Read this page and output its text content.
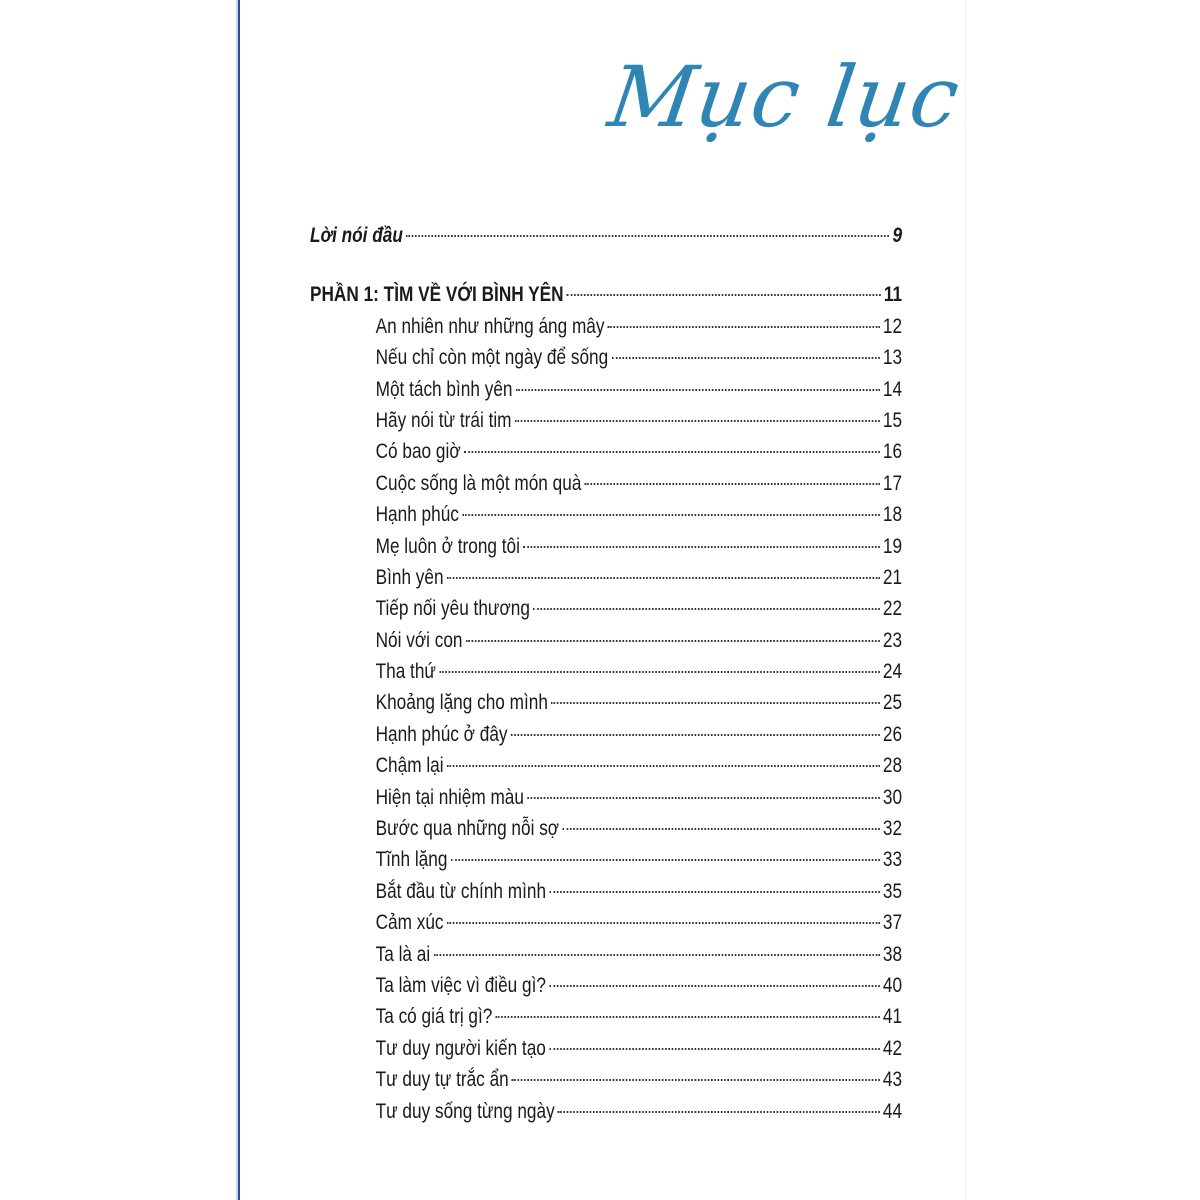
Mục lục
Lời nói đầu	9
PHẦN 1: TÌM VỀ VỚI BÌNH YÊN	11
An nhiên như những áng mây	12
Nếu chỉ còn một ngày để sống	13
Một tách bình yên	14
Hãy nói từ trái tim	15
Có bao giờ	16
Cuộc sống là một món quà	17
Hạnh phúc	18
Mẹ luôn ở trong tôi	19
Bình yên	21
Tiếp nối yêu thương	22
Nói với con	23
Tha thứ	24
Khoảng lặng cho mình	25
Hạnh phúc ở đây	26
Chậm lại	28
Hiện tại nhiệm màu	30
Bước qua những nỗi sợ	32
Tĩnh lặng	33
Bắt đầu từ chính mình	35
Cảm xúc	37
Ta là ai	38
Ta làm việc vì điều gì?	40
Ta có giá trị gì?	41
Tư duy người kiến tạo	42
Tư duy tự trắc ẩn	43
Tư duy sống từng ngày	44
